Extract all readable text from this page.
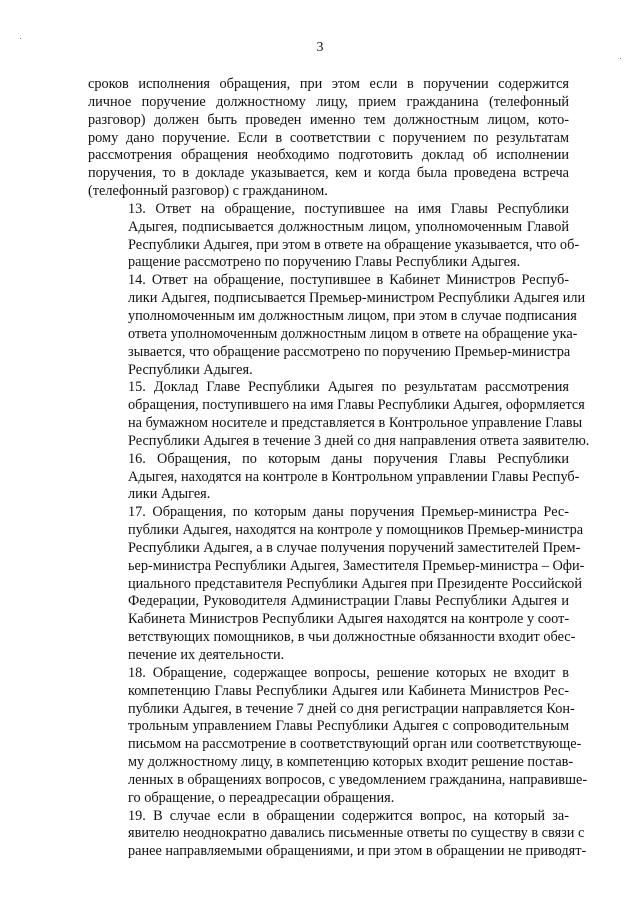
3

сроков исполнения обращения, при этом если в поручении содержится
личное поручение должностному лицу, прием гражданина (телефонный
разговор) должен быть проведен именно тем должностным лицом, кото-
рому дано поручение. Если в соответствии с поручением по результатам
рассмотрения обращения необходимо подготовить доклад об исполнении
поручения, то в докладе указывается, кем и когда была проведена встреча
(телефонный разговор) с гражданином.

13. Ответ на обращение, поступившее на имя Главы Республики
Адыгея, подписывается должностным лицом, уполномоченным Главой
Республики Адыгея, при этом в ответе на обращение указывается, что об-
ращение рассмотрено по поручению Главы Республики Адыгея.

14. Ответ на обращение, поступившее в Кабинет Министров Респуб-
лики Адыгея, подписывается Премьер-министром Республики Адыгея или
уполномоченным им должностным лицом, при этом в случае подписания
ответа уполномоченным должностным лицом в ответе на обращение ука-
зывается, что обращение рассмотрено по поручению Премьер-министра
Республики Адыгея.

15. Доклад Главе Республики Адыгея по результатам рассмотрения
обращения, поступившего на имя Главы Республики Адыгея, оформляется
на бумажном носителе и представляется в Контрольное управление Главы
Республики Адыгея в течение 3 дней со дня направления ответа заявителю.

16. Обращения, по которым даны поручения Главы Республики
Адыгея, находятся на контроле в Контрольном управлении Главы Респуб-
лики Адыгея.

17. Обращения, по которым даны поручения Премьер-министра Рес-
публики Адыгея, находятся на контроле у помощников Премьер-министра
Республики Адыгея, а в случае получения поручений заместителей Прем-
ьер-министра Республики Адыгея, Заместителя Премьер-министра – Офи-
циального представителя Республики Адыгея при Президенте Российской
Федерации, Руководителя Администрации Главы Республики Адыгея и
Кабинета Министров Республики Адыгея находятся на контроле у соот-
ветствующих помощников, в чьи должностные обязанности входит обес-
печение их деятельности.

18. Обращение, содержащее вопросы, решение которых не входит в
компетенцию Главы Республики Адыгея или Кабинета Министров Рес-
публики Адыгея, в течение 7 дней со дня регистрации направляется Кон-
трольным управлением Главы Республики Адыгея с сопроводительным
письмом на рассмотрение в соответствующий орган или соответствующе-
му должностному лицу, в компетенцию которых входит решение постав-
ленных в обращениях вопросов, с уведомлением гражданина, направивше-
го обращение, о переадресации обращения.

19. В случае если в обращении содержится вопрос, на который за-
явителю неоднократно давались письменные ответы по существу в связи с
ранее направляемыми обращениями, и при этом в обращении не приводят-
